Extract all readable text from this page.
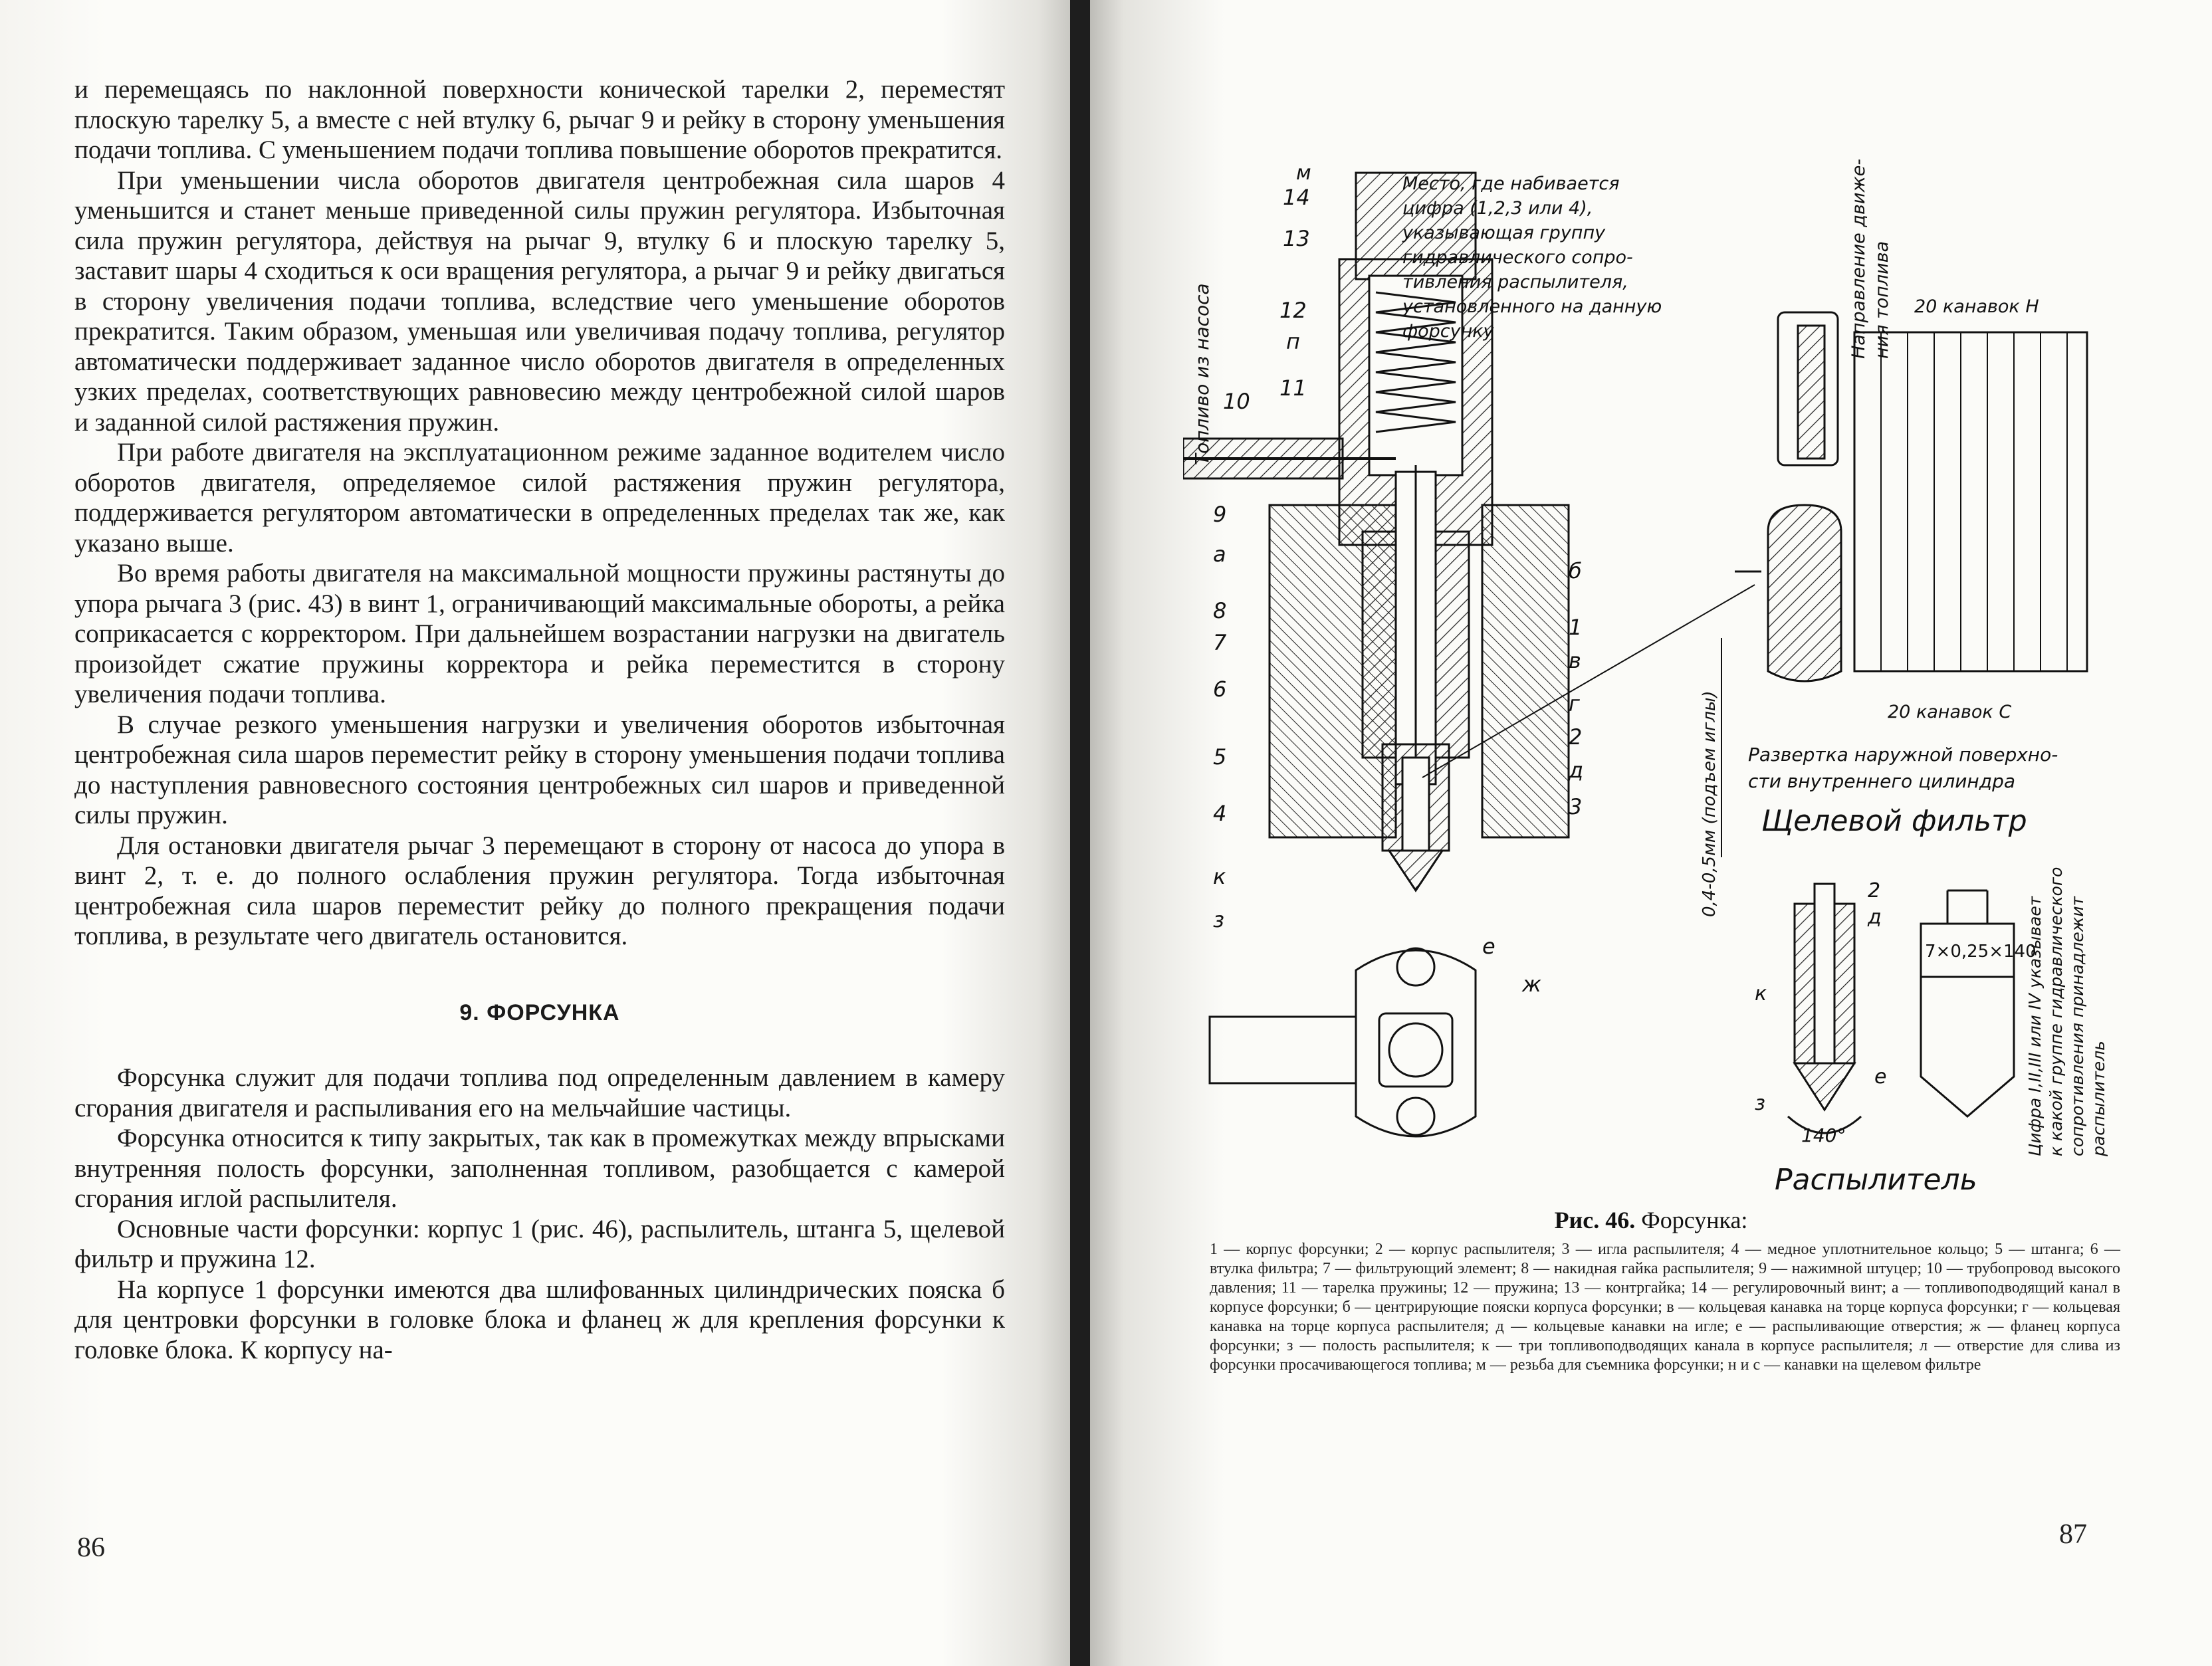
и перемещаясь по наклонной поверхности конической тарелки 2, переместят плоскую тарелку 5, а вместе с ней втулку 6, рычаг 9 и рейку в сторону уменьшения подачи топлива. С уменьшением подачи топлива повышение оборотов прекратится.

При уменьшении числа оборотов двигателя центробежная сила шаров 4 уменьшится и станет меньше приведенной силы пружин регулятора. Избыточная сила пружин регулятора, действуя на рычаг 9, втулку 6 и плоскую тарелку 5, заставит шары 4 сходиться к оси вращения регулятора, а рычаг 9 и рейку двигаться в сторону увеличения подачи топлива, вследствие чего уменьшение оборотов прекратится. Таким образом, уменьшая или увеличивая подачу топлива, регулятор автоматически поддерживает заданное число оборотов двигателя в определенных узких пределах, соответствующих равновесию между центробежной силой шаров и заданной силой растяжения пружин.

При работе двигателя на эксплуатационном режиме заданное водителем число оборотов двигателя, определяемое силой растяжения пружин регулятора, поддерживается регулятором автоматически в определенных пределах так же, как указано выше.

Во время работы двигателя на максимальной мощности пружины растянуты до упора рычага 3 (рис. 43) в винт 1, ограничивающий максимальные обороты, а рейка соприкасается с корректором. При дальнейшем возрастании нагрузки на двигатель произойдет сжатие пружины корректора и рейка переместится в сторону увеличения подачи топлива.

В случае резкого уменьшения нагрузки и увеличения оборотов избыточная центробежная сила шаров переместит рейку в сторону уменьшения подачи топлива до наступления равновесного состояния центробежных сил шаров и приведенной силы пружин.

Для остановки двигателя рычаг 3 перемещают в сторону от насоса до упора в винт 2, т. е. до полного ослабления пружин регулятора. Тогда избыточная центробежная сила шаров переместит рейку до полного прекращения подачи топлива, в результате чего двигатель остановится.

9. ФОРСУНКА

Форсунка служит для подачи топлива под определенным давлением в камеру сгорания двигателя и распыливания его на мельчайшие частицы.

Форсунка относится к типу закрытых, так как в промежутках между впрысками внутренняя полость форсунки, заполненная топливом, разобщается с камерой сгорания иглой распылителя.

Основные части форсунки: корпус 1 (рис. 46), распылитель, штанга 5, щелевой фильтр и пружина 12.

На корпусе 1 форсунки имеются два шлифованных цилиндрических пояска б для центровки форсунки в головке блока и фланец ж для крепления форсунки к головке блока. К корпусу на-

86
м
14
13
12
п
11
10
9
а
8
7
6
5
4
к
з
б
1
в
г
2
д
3
е
ж
Место, где набивается
цифра (1,2,3 или 4),
указывающая группу
гидравлического сопро-
тивления распылителя,
установленного на данную
форсунку
Топливо из насоса
Направление движе- ния топлива 20 канавок Н
20 канавок С
Развертка наружной поверхно-
сти внутреннего цилиндра
Щелевой фильтр
0,4-0,5мм (подъем иглы)
7×0,25×140
Цифра I,II,III или IV указывает к какой группе гидравлического сопротивления принадлежит распылитель
2
д
к
з
е
140°
Распылитель
Рис. 46. Форсунка:
1 — корпус форсунки; 2 — корпус распылителя; 3 — игла распылителя; 4 — медное уплотнительное кольцо; 5 — штанга; 6 — втулка фильтра; 7 — фильтрующий элемент; 8 — накидная гайка распылителя; 9 — нажимной штуцер; 10 — трубопровод высокого давления; 11 — тарелка пружины; 12 — пружина; 13 — контргайка; 14 — регулировочный винт; а — топливоподводящий канал в корпусе форсунки; б — центрирующие пояски корпуса форсунки; в — кольцевая канавка на торце корпуса форсунки; г — кольцевая канавка на торце корпуса распылителя; д — кольцевые канавки на игле; е — распыливающие отверстия; ж — фланец корпуса форсунки; з — полость распылителя; к — три топливоподводящих канала в корпусе распылителя; л — отверстие для слива из форсунки просачивающегося топлива; м — резьба для съемника форсунки; н и с — канавки на щелевом фильтре
87
